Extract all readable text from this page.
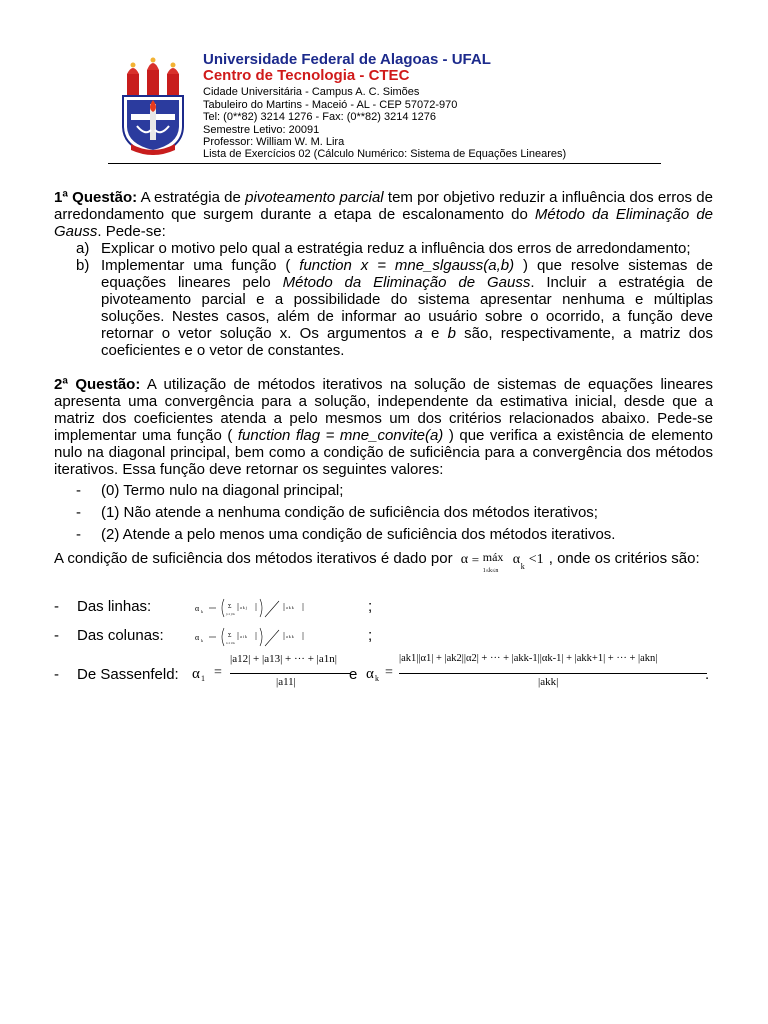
Universidade Federal de Alagoas - UFAL
Centro de Tecnologia - CTEC
Cidade Universitária - Campus A. C. Simões
Tabuleiro do Martins - Maceió - AL - CEP 57072-970
Tel: (0**82) 3214 1276 - Fax: (0**82) 3214 1276
Semestre Letivo: 20091
Professor: William W. M. Lira
Lista de Exercícios 02 (Cálculo Numérico: Sistema de Equações Lineares)
1ª Questão: A estratégia de pivoteamento parcial tem por objetivo reduzir a influência dos erros de arredondamento que surgem durante a etapa de escalonamento do Método da Eliminação de Gauss. Pede-se:
a) Explicar o motivo pelo qual a estratégia reduz a influência dos erros de arredondamento;
b) Implementar uma função ( function x = mne_slgauss(a,b) ) que resolve sistemas de equações lineares pelo Método da Eliminação de Gauss. Incluir a estratégia de pivoteamento parcial e a possibilidade do sistema apresentar nenhuma e múltiplas soluções. Nestes casos, além de informar ao usuário sobre o ocorrido, a função deve retornar o vetor solução x. Os argumentos a e b são, respectivamente, a matriz dos coeficientes e o vetor de constantes.
2ª Questão: A utilização de métodos iterativos na solução de sistemas de equações lineares apresenta uma convergência para a solução, independente da estimativa inicial, desde que a matriz dos coeficientes atenda a pelo mesmos um dos critérios relacionados abaixo. Pede-se implementar uma função ( function flag = mne_convite(a) ) que verifica a existência de elemento nulo na diagonal principal, bem como a condição de suficiência para a convergência dos métodos iterativos. Essa função deve retornar os seguintes valores:
- (0) Termo nulo na diagonal principal;
- (1) Não atende a nenhuma condição de suficiência dos métodos iterativos;
- (2) Atende a pelo menos uma condição de suficiência dos métodos iterativos.
A condição de suficiência dos métodos iterativos é dado por α = máx
1≤k≤n
α k <1 , onde os critérios são:
- Das linhas:	α k
Σ
j=1 j≠k
a k j	a k k	;
- Das colunas:	α k
Σ
i=1 i≠k
a i k	a k k	;
- De Sassenfeld: α 1 =
|a12| + |a13| + ··· + |a1n|
|a11|	e α k =
|ak1||α1| + |ak2||α2| + ··· + |akk-1||αk-1| + |akk+1| + ··· + |akn|
|akk|	.
